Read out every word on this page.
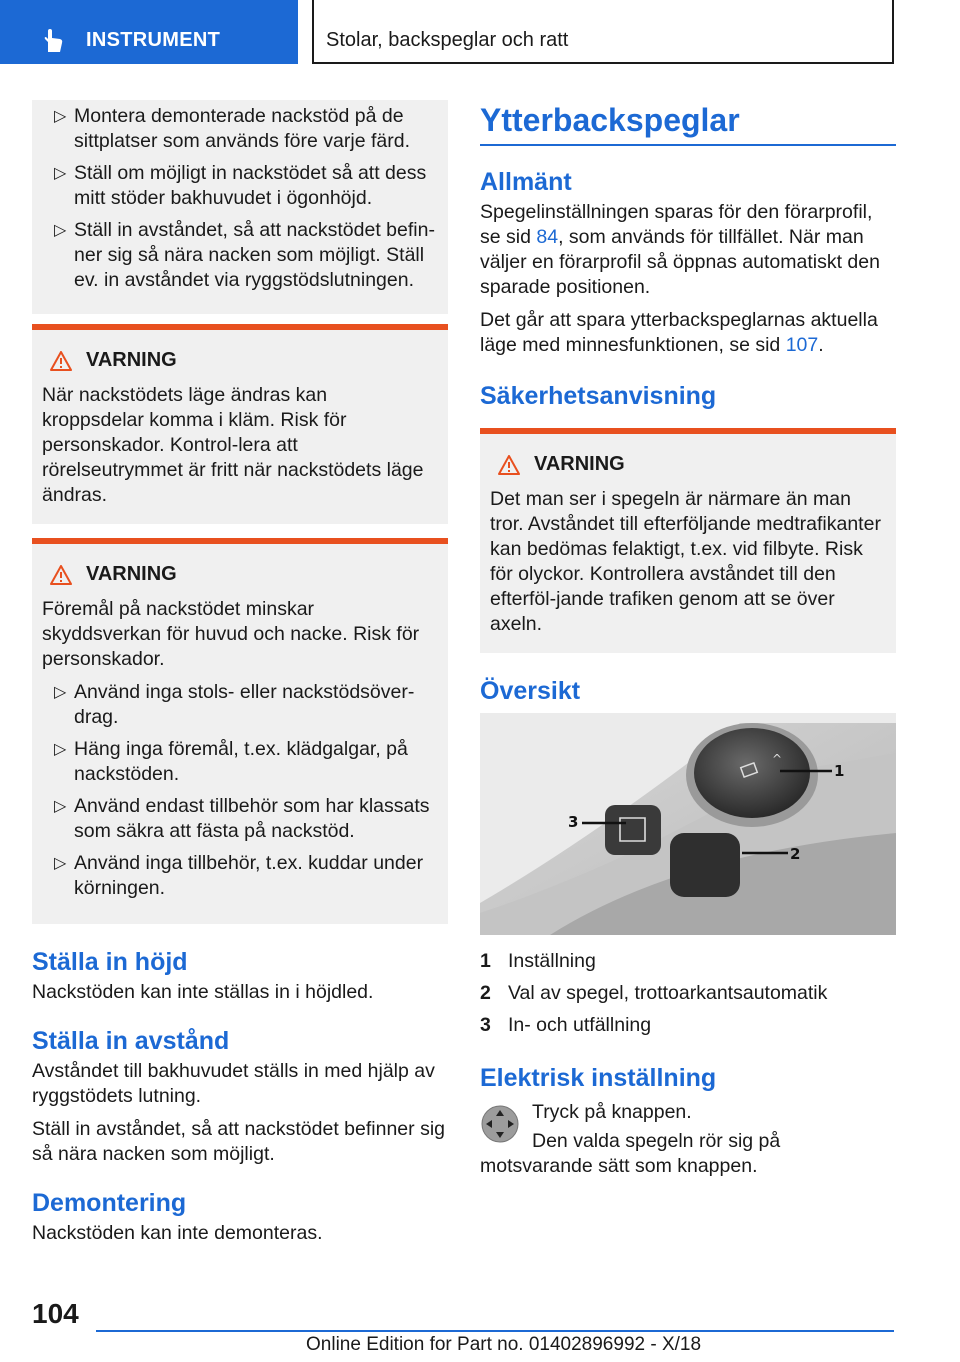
INSTRUMENT	Stolar, backspeglar och ratt
▷ Montera demonterade nackstöd på de sittplatser som används före varje färd.
▷ Ställ om möjligt in nackstödet så att dess mitt stöder bakhuvudet i ögonhöjd.
▷ Ställ in avståndet, så att nackstödet befin‐ner sig så nära nacken som möjligt. Ställ ev. in avståndet via ryggstödslutningen.
VARNING
När nackstödets läge ändras kan kroppsdelar komma i kläm. Risk för personskador. Kontrol‐lera att rörelseutrymmet är fritt när nackstödets läge ändras.
VARNING
Föremål på nackstödet minskar skyddsverkan för huvud och nacke. Risk för personskador.
▷ Använd inga stols- eller nackstödsöver‐drag.
▷ Häng inga föremål, t.ex. klädgalgar, på nackstöden.
▷ Använd endast tillbehör som har klassats som säkra att fästa på nackstöd.
▷ Använd inga tillbehör, t.ex. kuddar under körningen.
Ställa in höjd

Nackstöden kan inte ställas in i höjdled.

Ställa in avstånd

Avståndet till bakhuvudet ställs in med hjälp av ryggstödets lutning.

Ställ in avståndet, så att nackstödet befinner sig så nära nacken som möjligt.

Demontering

Nackstöden kan inte demonteras.

Ytterbackspeglar
Allmänt

Spegelinställningen sparas för den förarprofil, se sid 84, som används för tillfället. När man väljer en förarprofil så öppnas automatiskt den sparade positionen.

Det går att spara ytterbackspeglarnas aktuella läge med minnesfunktionen, se sid 107.

Säkerhetsanvisning
VARNING
Det man ser i spegeln är närmare än man tror. Avståndet till efterföljande medtrafikanter kan bedömas felaktigt, t.ex. vid filbyte. Risk för olyckor. Kontrollera avståndet till den efterföl‐jande trafiken genom att se över axeln.
Översikt
^
1
2
3
1 Inställning
2 Val av spegel, trottoarkantsautomatik
3 In- och utfällning
Elektrisk inställning

Tryck på knappen.

Den valda spegeln rör sig på motsvarande sätt som knappen.

104
Online Edition for Part no. 01402896992 - X/18
